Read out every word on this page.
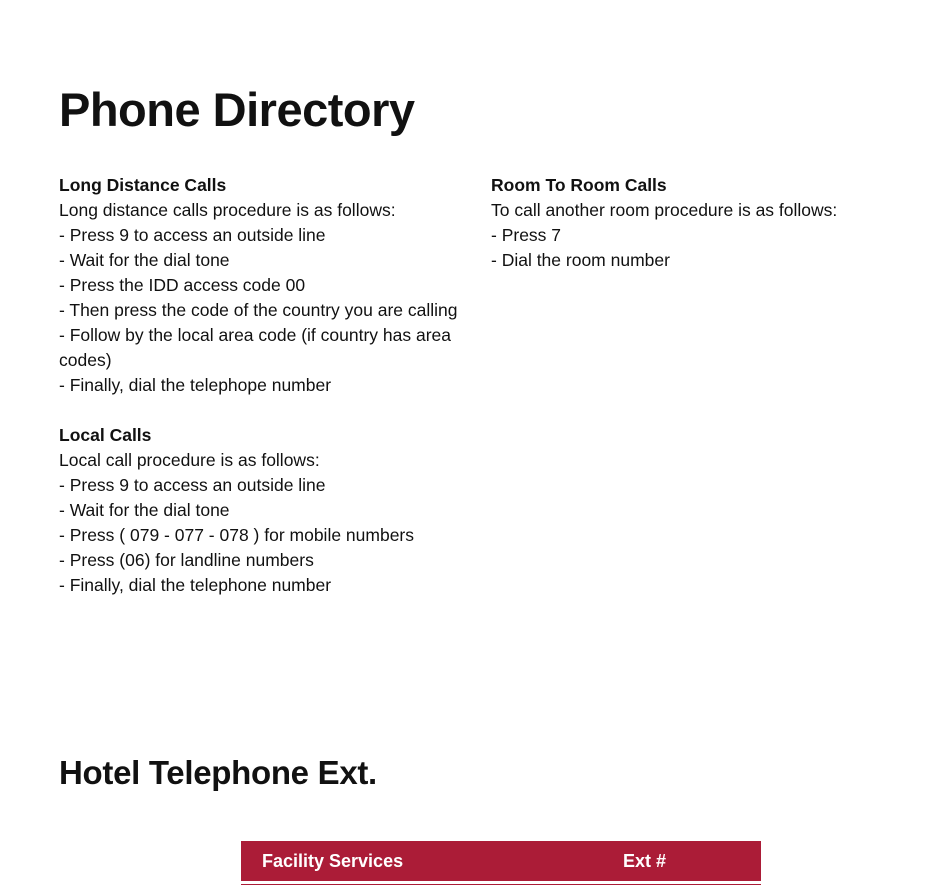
Phone Directory

Long Distance Calls

Long distance calls procedure is as follows:

- Press 9 to access an outside line
- Wait for the dial tone
- Press the IDD access code 00
- Then press the code of the country you are calling
- Follow by the local area code (if country has area codes)
- Finally, dial the telephope number

Local Calls

Local call procedure is as follows:

- Press 9 to access an outside line
- Wait for the dial tone
- Press ( 079 - 077 - 078 ) for mobile numbers
- Press (06) for landline numbers
- Finally, dial the telephone number

Room To Room Calls

To call another room procedure is as follows:

- Press 7
- Dial the room number
Hotel Telephone Ext.
Facility Services	Ext #
